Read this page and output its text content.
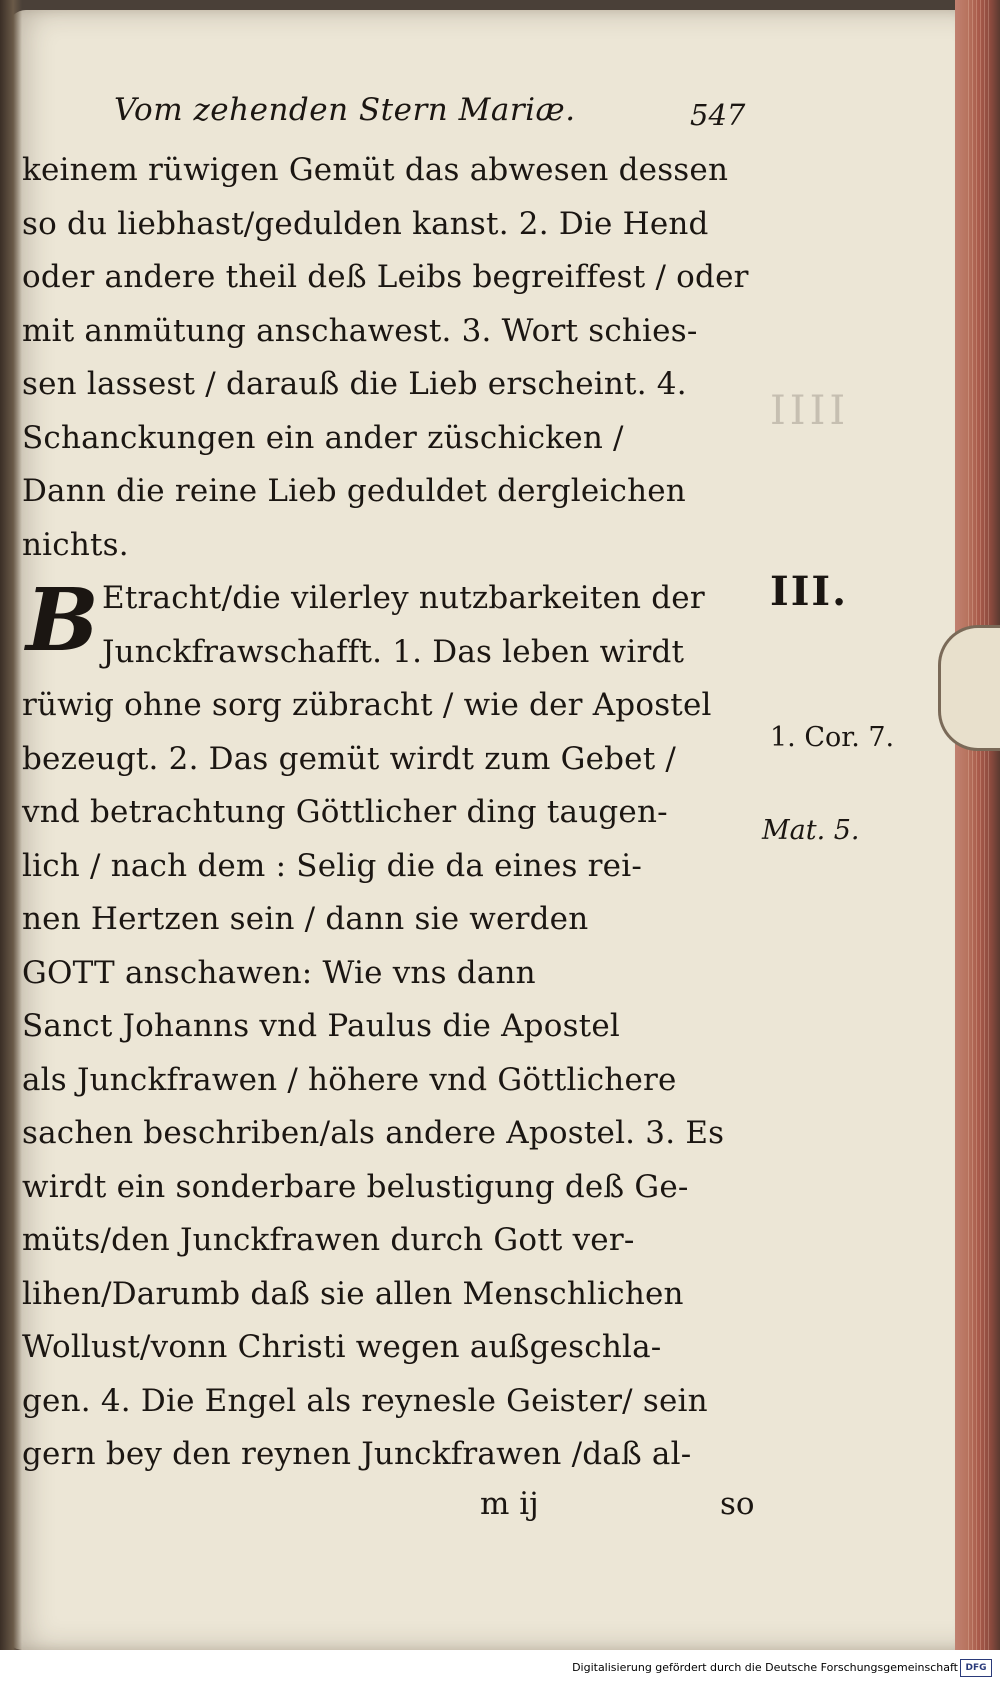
IIII
Vom zehenden Stern Mariæ.	547
keinem rüwigen Gemüt das abwesen dessen
so du liebhast/gedulden kanst. 2. Die Hend
oder andere theil deß Leibs begreiffest / oder
mit anmütung anschawest. 3. Wort schies-
sen lassest / darauß die Lieb erscheint. 4.
Schanckungen ein ander züschicken /
Dann die reine Lieb geduldet dergleichen
nichts.
B Etracht/die vilerley nutzbarkeiten der
Junckfrawschafft. 1. Das leben wirdt
rüwig ohne sorg zübracht / wie der Apostel
bezeugt. 2. Das gemüt wirdt zum Gebet /
vnd betrachtung Göttlicher ding taugen-
lich / nach dem : Selig die da eines rei-
nen Hertzen sein / dann sie werden
GOTT anschawen: Wie vns dann
Sanct Johanns vnd Paulus die Apostel
als Junckfrawen / höhere vnd Göttlichere
sachen beschriben/als andere Apostel. 3. Es
wirdt ein sonderbare belustigung deß Ge-
müts/den Junckfrawen durch Gott ver-
lihen/Darumb daß sie allen Menschlichen
Wollust/vonn Christi wegen außgeschla-
gen. 4. Die Engel als reynesle Geister/ sein
gern bey den reynen Junckfrawen /daß al-
m ij	so
III.
1. Cor. 7.
Mat. 5.
Digitalisierung gefördert durch die Deutsche Forschungsgemeinschaft DFG
